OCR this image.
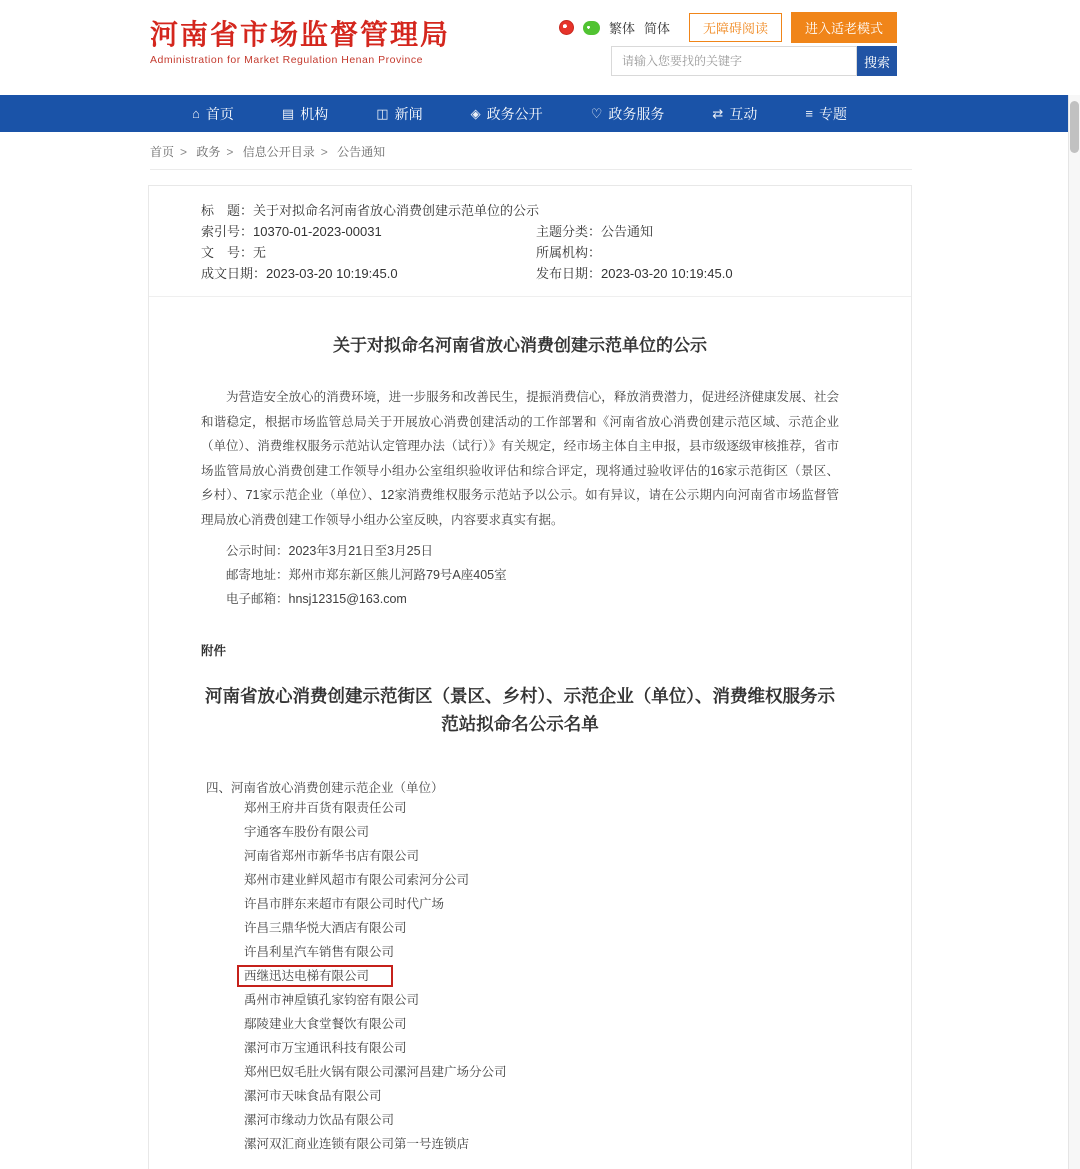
河南省市场监督管理局
Administration for Market Regulation Henan Province
繁体 简体	无障碍阅读	进入适老模式
请输入您要找的关键字
搜索
⌂ 首页	▤ 机构	◫ 新闻	◈ 政务公开	♡ 政务服务	⇄ 互动	≡ 专题
首页 > 政务 > 信息公开目录 > 公告通知
标　题：关于对拟命名河南省放心消费创建示范单位的公示
索引号：10370-01-2023-00031	主题分类：公告通知
文　号：无	所属机构：
成文日期：2023-03-20 10:19:45.0	发布日期：2023-03-20 10:19:45.0
关于对拟命名河南省放心消费创建示范单位的公示

为营造安全放心的消费环境，进一步服务和改善民生，提振消费信心，释放消费潜力，促进经济健康发展、社会和谐稳定，根据市场监管总局关于开展放心消费创建活动的工作部署和《河南省放心消费创建示范区域、示范企业（单位）、消费维权服务示范站认定管理办法（试行）》有关规定，经市场主体自主申报，县市级逐级审核推荐，省市场监管局放心消费创建工作领导小组办公室组织验收评估和综合评定，现将通过验收评估的16家示范街区（景区、乡村）、71家示范企业（单位）、12家消费维权服务示范站予以公示。如有异议，请在公示期内向河南省市场监督管理局放心消费创建工作领导小组办公室反映，内容要求真实有据。

公示时间：2023年3月21日至3月25日

邮寄地址：郑州市郑东新区熊儿河路79号A座405室

电子邮箱：hnsj12315@163.com

附件
河南省放心消费创建示范街区（景区、乡村）、示范企业（单位）、消费维权服务示范站拟命名公示名单
四、河南省放心消费创建示范企业（单位）
郑州王府井百货有限责任公司
宇通客车股份有限公司
河南省郑州市新华书店有限公司
郑州市建业鲜风超市有限公司索河分公司
许昌市胖东来超市有限公司时代广场
许昌三鼎华悦大酒店有限公司
许昌利星汽车销售有限公司
西继迅达电梯有限公司
禹州市神垕镇孔家钧窑有限公司
鄢陵建业大食堂餐饮有限公司
漯河市万宝通讯科技有限公司
郑州巴奴毛肚火锅有限公司漯河昌建广场分公司
漯河市天味食品有限公司
漯河市缘动力饮品有限公司
漯河双汇商业连锁有限公司第一号连锁店
